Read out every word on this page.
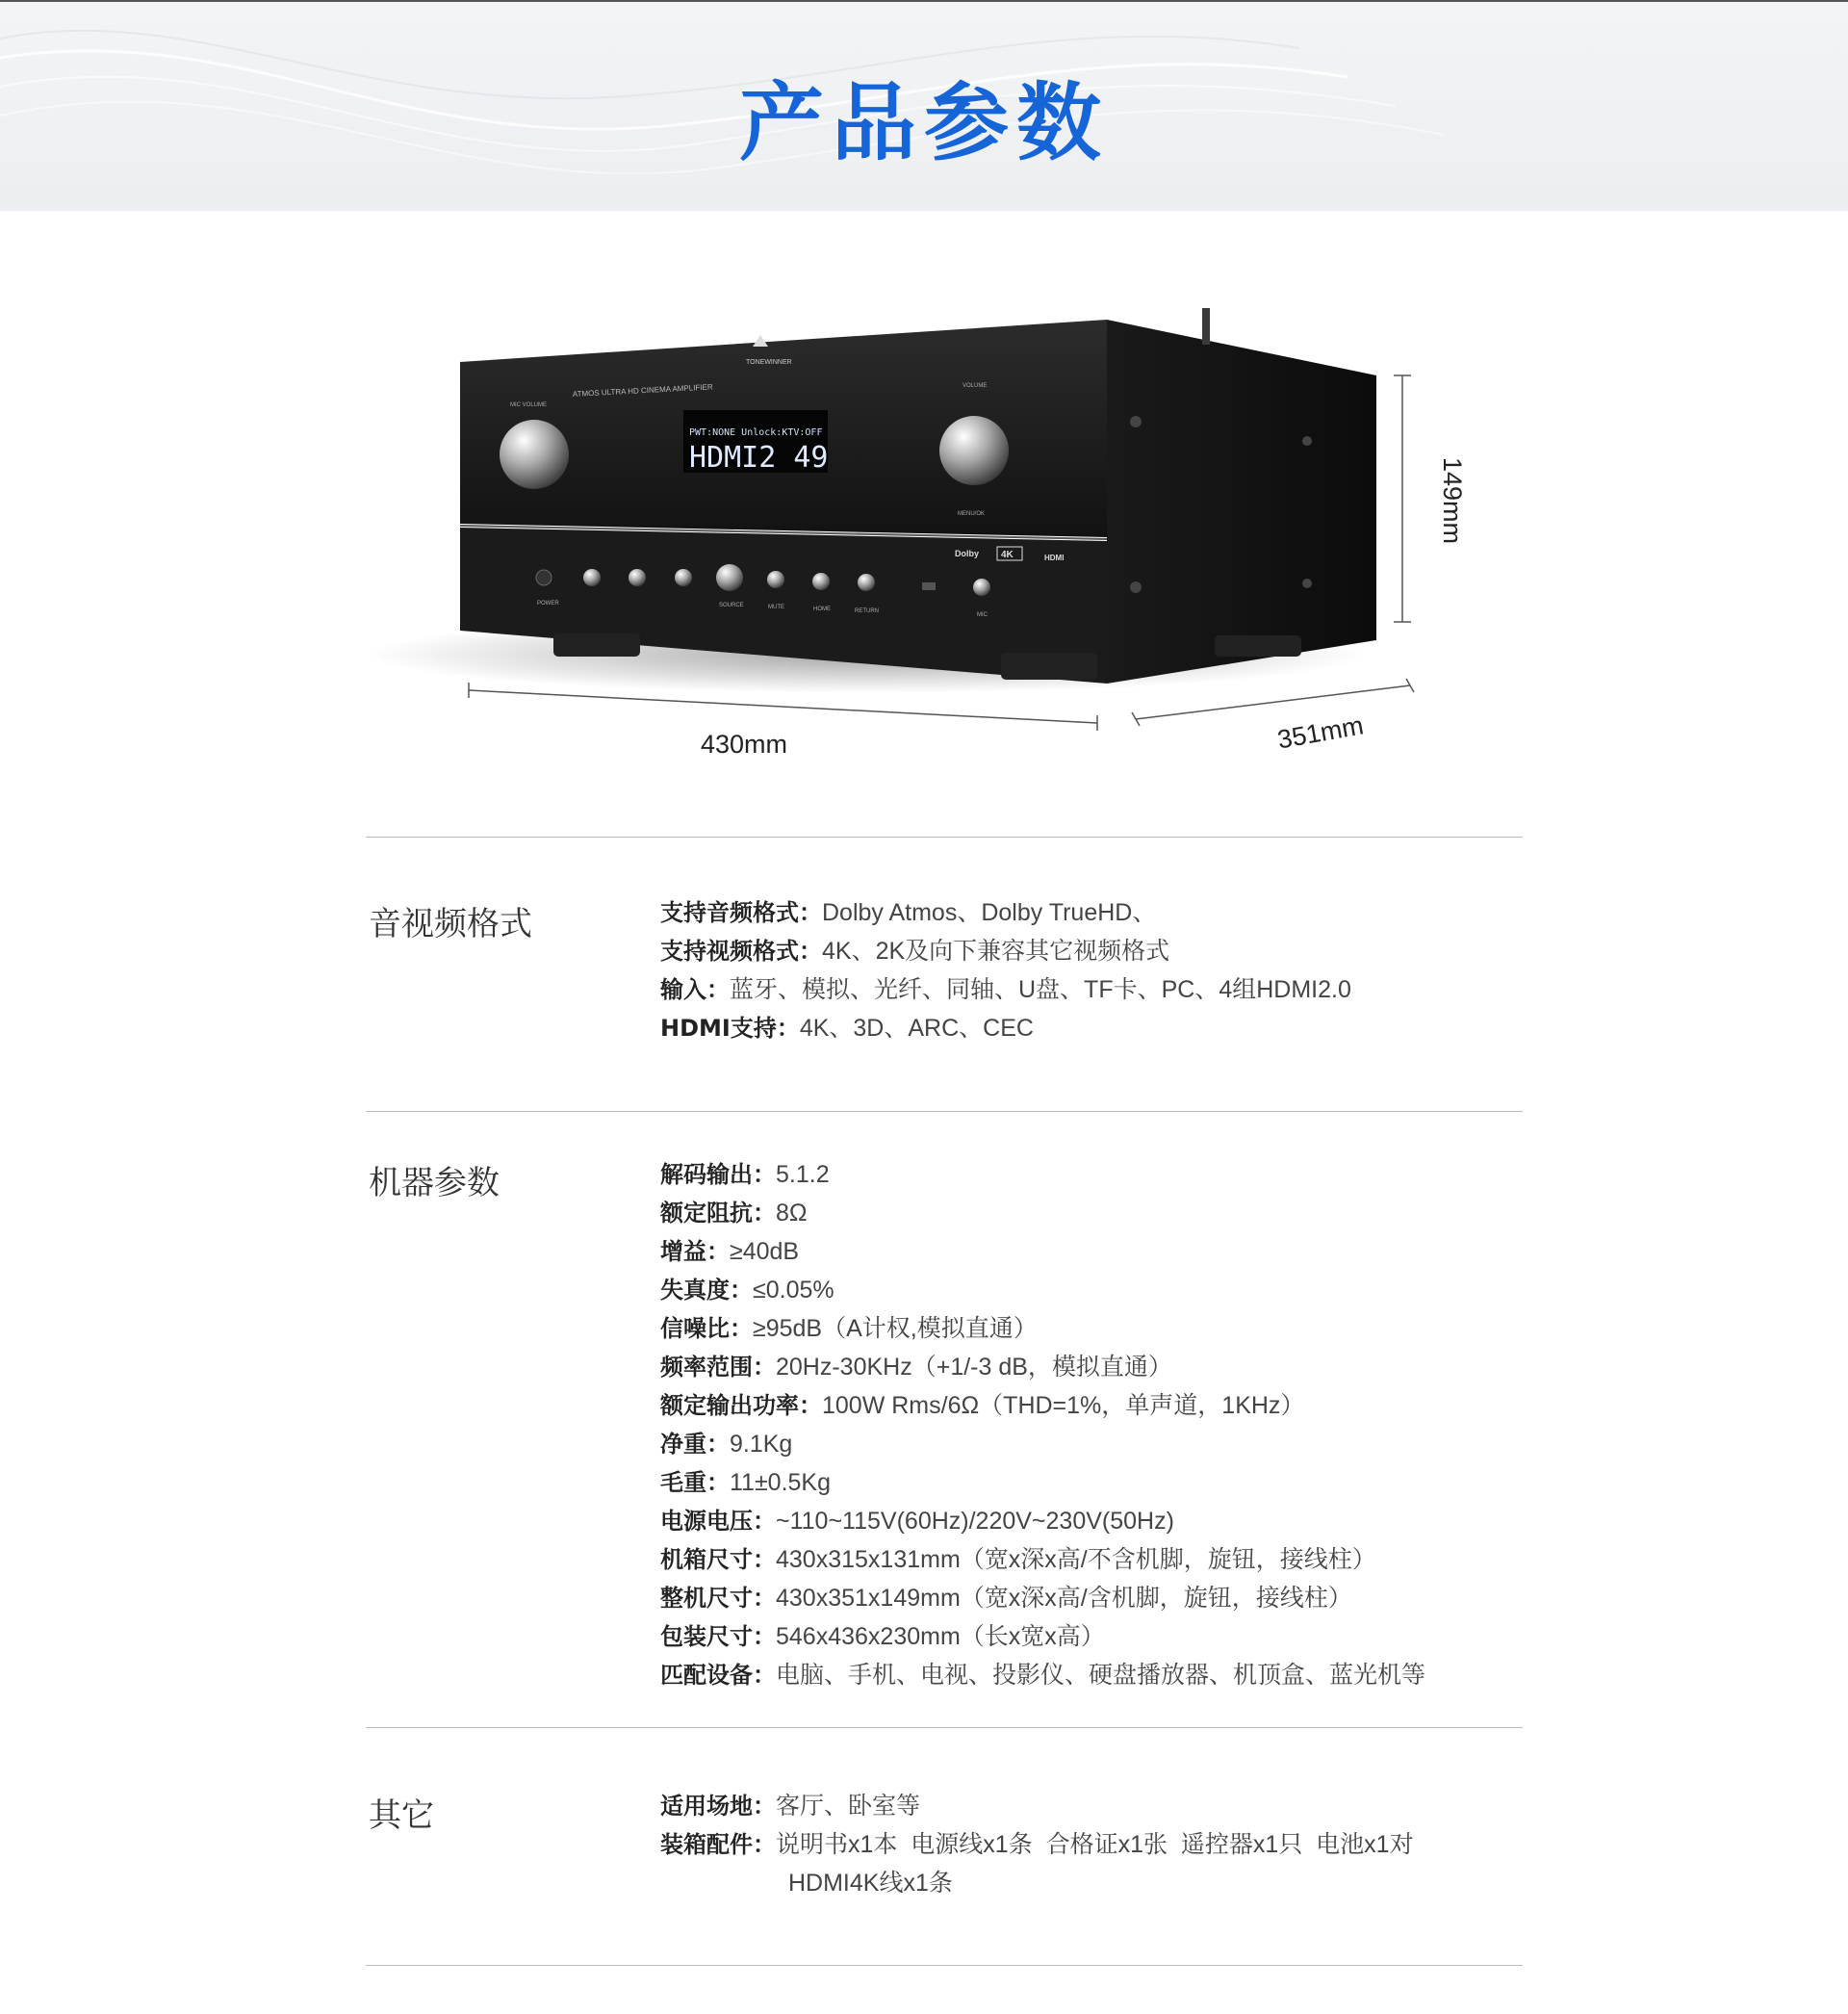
产品参数
PWT:NONE Unlock:KTV:OFF
HDMI2 49
TONEWINNER
ATMOS ULTRA HD CINEMA AMPLIFIER
MIC VOLUME
VOLUME
MENU/OK
POWER	SOURCE	MUTE	HOME	RETURN
Dolby 4K	HDMI
MIC
430mm	351mm
149mm
音视频格式	支持音频格式：Dolby Atmos、Dolby TrueHD、
支持视频格式：4K、2K及向下兼容其它视频格式
输入：蓝牙、模拟、光纤、同轴、U盘、TF卡、PC、4组HDMI2.0
HDMI支持：4K、3D、ARC、CEC
机器参数	解码输出：5.1.2
额定阻抗：8Ω
增益：≥40dB
失真度：≤0.05%
信噪比：≥95dB（A计权,模拟直通）
频率范围：20Hz-30KHz（+1/-3 dB，模拟直通）
额定输出功率：100W Rms/6Ω（THD=1%，单声道，1KHz）
净重：9.1Kg
毛重：11±0.5Kg
电源电压：~110~115V(60Hz)/220V~230V(50Hz)
机箱尺寸：430x315x131mm（宽x深x高/不含机脚，旋钮，接线柱）
整机尺寸：430x351x149mm（宽x深x高/含机脚，旋钮，接线柱）
包装尺寸：546x436x230mm（长x宽x高）
匹配设备：电脑、手机、电视、投影仪、硬盘播放器、机顶盒、蓝光机等
其它	适用场地：客厅、卧室等
装箱配件：说明书x1本  电源线x1条  合格证x1张  遥控器x1只  电池x1对
HDMI4K线x1条
